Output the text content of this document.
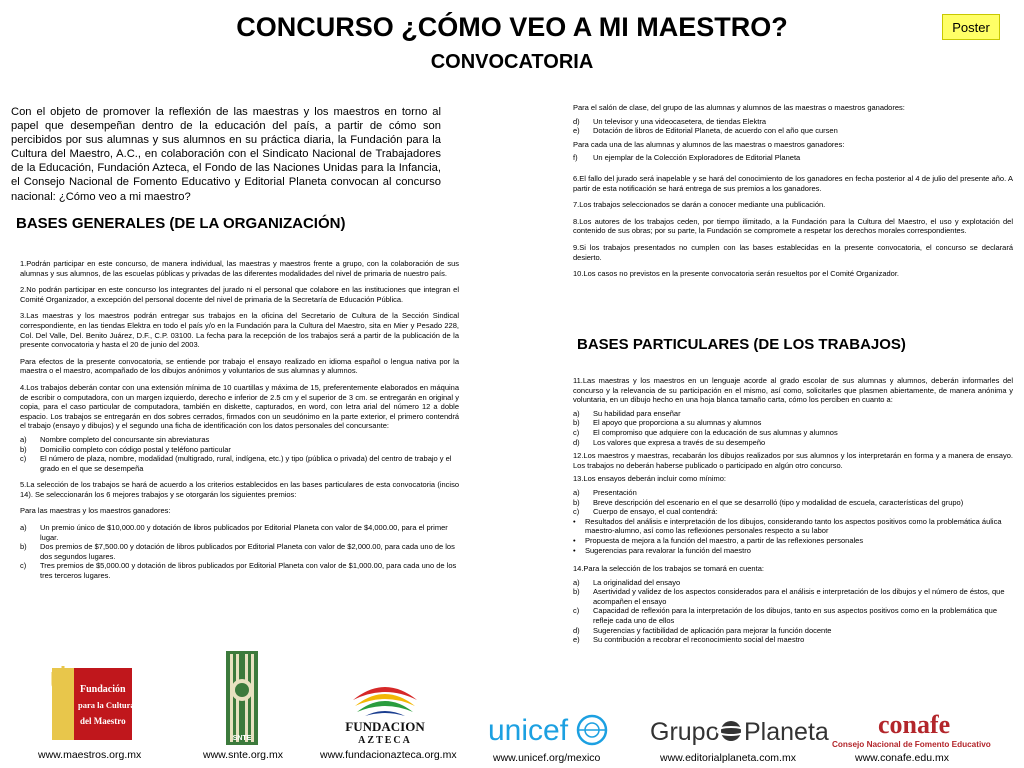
CONCURSO ¿CÓMO VEO A MI MAESTRO?
CONVOCATORIA
Poster

Con el objeto de promover la reflexión de las maestras y los maestros en torno al papel que desempeñan dentro de la educación del país, a partir de cómo son percibidos por sus alumnas y sus alumnos en su práctica diaria, la Fundación para la Cultura del Maestro, A.C., en colaboración con el Sindicato Nacional de Trabajadores de la Educación, Fundación Azteca, el Fondo de las Naciones Unidas para la Infancia, el Consejo Nacional de Fomento Educativo y Editorial Planeta convocan al concurso nacional: ¿Cómo veo a mi maestro?

BASES GENERALES (DE LA ORGANIZACIÓN)

1.Podrán participar en este concurso, de manera individual, las maestras y maestros frente a grupo, con la colaboración de sus alumnas y sus alumnos, de las escuelas públicas y privadas de las diferentes modalidades del nivel de primaria de nuestro país.

2.No podrán participar en este concurso los integrantes del jurado ni el personal que colabore en las instituciones que integran el Comité Organizador, a excepción del personal docente del nivel de primaria de la Secretaría de Educación Pública.

3.Las maestras y los maestros podrán entregar sus trabajos en la oficina del Secretario de Cultura de la Sección Sindical correspondiente, en las tiendas Elektra en todo el país y/o en la Fundación para la Cultura del Maestro, sita en Mier y Pesado 228, Col. Del Valle, Del. Benito Juárez, D.F., C.P. 03100. La fecha para la recepción de los trabajos será a partir de la publicación de la presente convocatoria y hasta el 20 de junio del 2003.

Para efectos de la presente convocatoria, se entiende por trabajo el ensayo realizado en idioma español o lengua nativa por la maestra o el maestro, acompañado de los dibujos anónimos y voluntarios de sus alumnas y alumnos.

4.Los trabajos deberán contar con una extensión mínima de 10 cuartillas y máxima de 15, preferentemente elaborados en máquina de escribir o computadora, con un margen izquierdo, derecho e inferior de 2.5 cm y el superior de 3 cm. se entregarán en original y copia, para el caso particular de computadora, también en diskette, capturados, en word, con letra arial del número 12 a doble espacio. Los trabajos se entregarán en dos sobres cerrados, firmados con un seudónimo en la parte exterior, el primero contendrá el trabajo (ensayo y dibujos) y el segundo una ficha de identificación con los datos personales del concursante:

a)	Nombre completo del concursante sin abreviaturas
b)	Domicilio completo con código postal y teléfono particular
c)	El número de plaza, nombre, modalidad (multigrado, rural, indígena, etc.) y tipo (pública o privada) del centro de trabajo y el grado en el que se desempeña

5.La selección de los trabajos se hará de acuerdo a los criterios establecidos en las bases particulares de esta convocatoria (inciso 14). Se seleccionarán los 6 mejores trabajos y se otorgarán los siguientes premios:

Para las maestras y los maestros ganadores:

a)	Un premio único de $10,000.00 y dotación de libros publicados por Editorial Planeta con valor de $4,000.00, para el primer lugar.
b)	Dos premios de $7,500.00 y dotación de libros publicados por Editorial Planeta con valor de $2,000.00, para cada uno de los dos segundos lugares.
c)	Tres premios de $5,000.00 y dotación de libros publicados por Editorial Planeta con valor de $1,000.00, para cada uno de los tres terceros lugares.

Para el salón de clase, del grupo de las alumnas y alumnos de las maestras o maestros ganadores:

d)	Un televisor y una videocasetera, de tiendas Elektra
e)	Dotación de libros de Editorial Planeta, de acuerdo con el año que cursen

Para cada una de las alumnas y alumnos de las maestras o maestros ganadores:

f)	Un ejemplar de la Colección Exploradores de Editorial Planeta

6.El fallo del jurado será inapelable y se hará del conocimiento de los ganadores en fecha posterior al 4 de julio del presente año. A partir de esta notificación se hará entrega de sus premios a los ganadores.

7.Los trabajos seleccionados se darán a conocer mediante una publicación.

8.Los autores de los trabajos ceden, por tiempo ilimitado, a la Fundación para la Cultura del Maestro, el uso y explotación del contenido de sus obras; por su parte, la Fundación se compromete a respetar los derechos morales correspondientes.

9.Si los trabajos presentados no cumplen con las bases establecidas en la presente convocatoria, el concurso se declarará desierto.

10.Los casos no previstos en la presente convocatoria serán resueltos por el Comité Organizador.

BASES PARTICULARES (DE LOS TRABAJOS)

11.Las maestras y los maestros en un lenguaje acorde al grado escolar de sus alumnas y alumnos, deberán informarles del concurso y la relevancia de su participación en el mismo, así como, solicitarles que plasmen abiertamente, de manera anónima y voluntaria, en un dibujo hecho en una hoja blanca tamaño carta, cómo los perciben en cuanto a:

a)	Su habilidad para enseñar
b)	El apoyo que proporciona a su alumnas y alumnos
c)	El compromiso que adquiere con la educación de sus alumnas y alumnos
d)	Los valores que expresa a través de su desempeño

12.Los maestros y maestras, recabarán los dibujos realizados por sus alumnos y los interpretarán en forma y a manera de ensayo. Los trabajos no deberán haberse publicado o participado en algún otro concurso.

13.Los ensayos deberán incluir como mínimo:

a)	Presentación
b)	Breve descripción del escenario en el que se desarrolló (tipo y modalidad de escuela, características del grupo)
c)	Cuerpo de ensayo, el cual contendrá:
•	Resultados del análisis e interpretación de los dibujos, considerando tanto los aspectos positivos como la problemática áulica maestro-alumno, así como las reflexiones personales respecto a su labor
•	Propuesta de mejora a la función del maestro, a partir de las reflexiones personales
•	Sugerencias para revalorar la función del maestro

14.Para la selección de los trabajos se tomará en cuenta:

a)	La originalidad del ensayo
b)	Asertividad y validez de los aspectos considerados para el análisis e interpretación de los dibujos y el número de éstos, que acompañen el ensayo
c)	Capacidad de reflexión para la interpretación de los dibujos, tanto en sus aspectos positivos como en la problemática que refleje cada uno de ellos
d)	Sugerencias y factibilidad de aplicación para mejorar la función docente
e)	Su contribución a recobrar el reconocimiento social del maestro
Fundación
para la Cultura
del Maestro
SNTE
FUNDACION
AZTECA	unicef	Grupo Planeta conafe
Consejo Nacional de Fomento Educativo
www.maestros.org.mx	www.snte.org.mx	www.fundacionazteca.org.mx	www.unicef.org/mexico	www.editorialplaneta.com.mx	www.conafe.edu.mx
